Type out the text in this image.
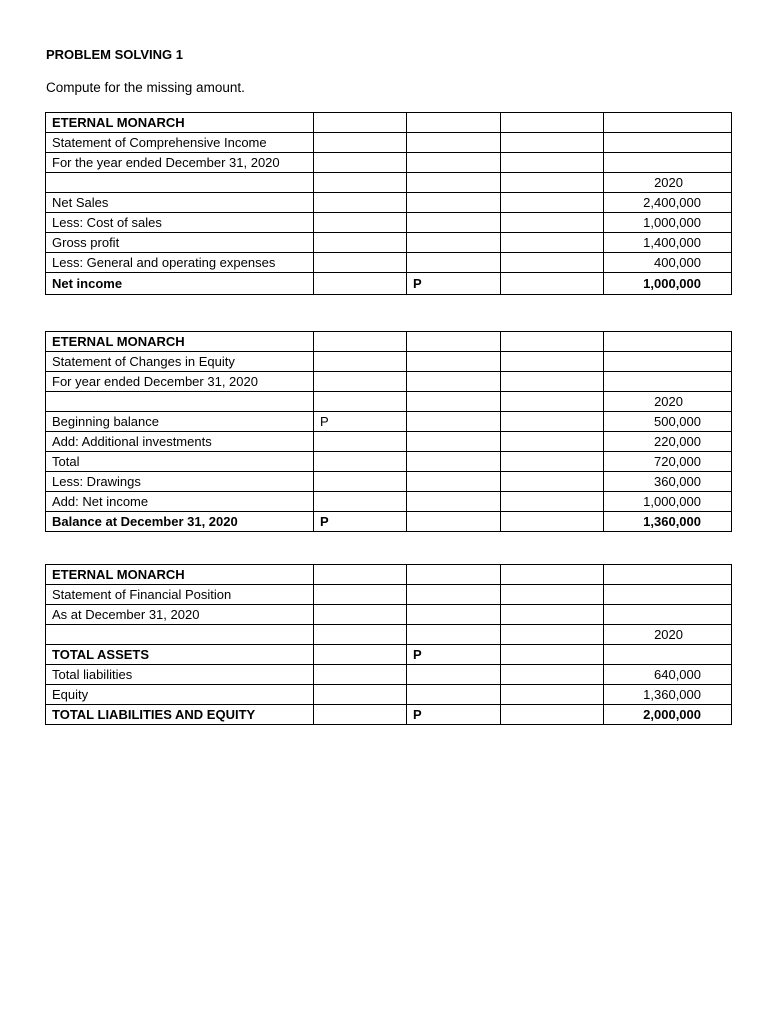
PROBLEM SOLVING 1
Compute for the missing amount.
ETERNAL MONARCH				
Statement of Comprehensive Income				
For the year ended December 31, 2020				
				2020
Net Sales				2,400,000
Less: Cost of sales				1,000,000
Gross profit				1,400,000
Less: General and operating expenses				400,000
Net income		P		1,000,000
ETERNAL MONARCH				
Statement of Changes in Equity				
For year ended December 31, 2020				
				2020
Beginning balance	P			500,000
Add: Additional investments				220,000
Total				720,000
Less: Drawings				360,000
Add: Net income				1,000,000
Balance at December 31, 2020	P			1,360,000
ETERNAL MONARCH				
Statement of Financial Position				
As at December 31, 2020				
				2020
TOTAL ASSETS		P		
Total liabilities				640,000
Equity				1,360,000
TOTAL LIABILITIES AND EQUITY		P		2,000,000
